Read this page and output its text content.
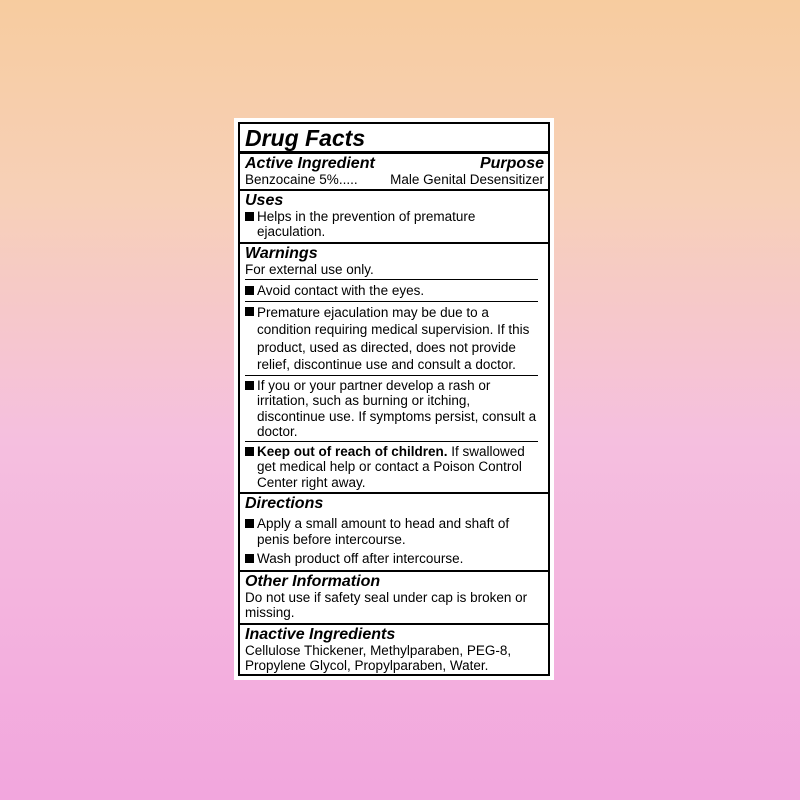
Drug Facts
Active Ingredient	Purpose
Benzocaine 5%..... Male Genital Desensitizer
Uses
Helps in the prevention of premature ejaculation.
Warnings
For external use only.
Avoid contact with the eyes.
Premature ejaculation may be due to a condition requiring medical supervision. If this product, used as directed, does not provide relief, discontinue use and consult a doctor.
If you or your partner develop a rash or irritation, such as burning or itching, discontinue use. If symptoms persist, consult a doctor.
Keep out of reach of children. If swallowed get medical help or contact a Poison Control Center right away.
Directions
Apply a small amount to head and shaft of penis before intercourse.
Wash product off after intercourse.
Other Information
Do not use if safety seal under cap is broken or missing.
Inactive Ingredients
Cellulose Thickener, Methylparaben, PEG-8, Propylene Glycol, Propylparaben, Water.
